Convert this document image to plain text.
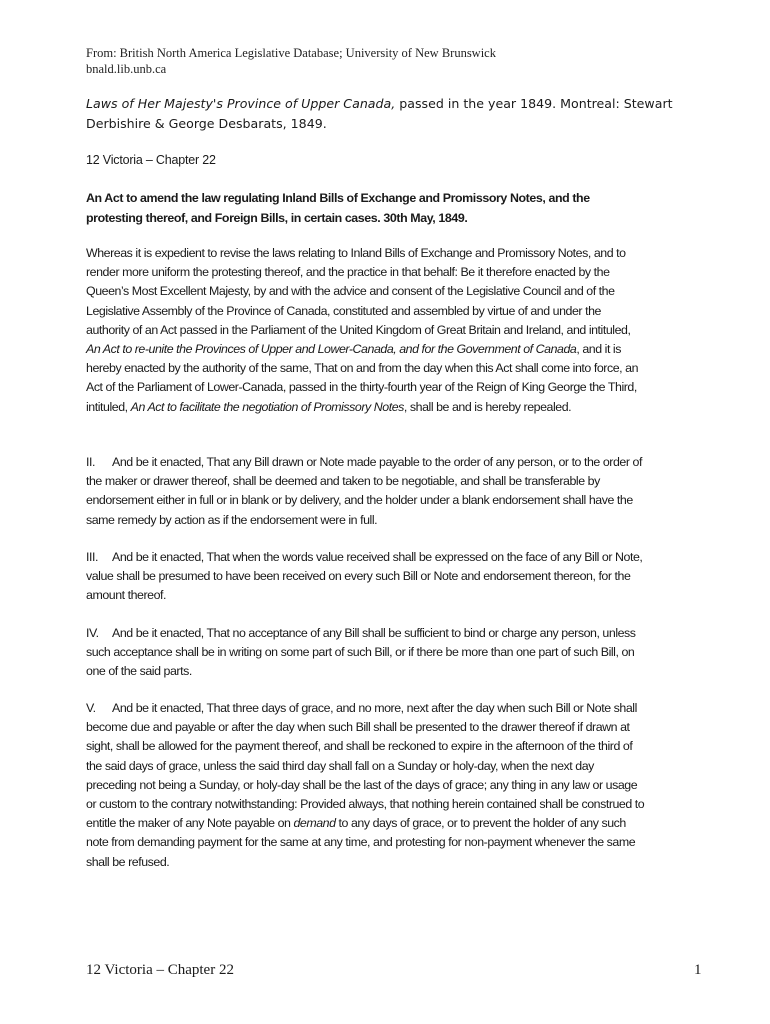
From: British North America Legislative Database; University of New Brunswick
bnald.lib.unb.ca
Laws of Her Majesty's Province of Upper Canada, passed in the year 1849. Montreal: Stewart Derbishire & George Desbarats, 1849.
12 Victoria – Chapter 22
An Act to amend the law regulating Inland Bills of Exchange and Promissory Notes, and the protesting thereof, and Foreign Bills, in certain cases. 30th May, 1849.
Whereas it is expedient to revise the laws relating to Inland Bills of Exchange and Promissory Notes, and to render more uniform the protesting thereof, and the practice in that behalf: Be it therefore enacted by the Queen’s Most Excellent Majesty, by and with the advice and consent of the Legislative Council and of the Legislative Assembly of the Province of Canada, constituted and assembled by virtue of and under the authority of an Act passed in the Parliament of the United Kingdom of Great Britain and Ireland, and intituled, An Act to re-unite the Provinces of Upper and Lower-Canada, and for the Government of Canada, and it is hereby enacted by the authority of the same, That on and from the day when this Act shall come into force, an Act of the Parliament of Lower-Canada, passed in the thirty-fourth year of the Reign of King George the Third, intituled, An Act to facilitate the negotiation of Promissory Notes, shall be and is hereby repealed.
II. And be it enacted, That any Bill drawn or Note made payable to the order of any person, or to the order of the maker or drawer thereof, shall be deemed and taken to be negotiable, and shall be transferable by endorsement either in full or in blank or by delivery, and the holder under a blank endorsement shall have the same remedy by action as if the endorsement were in full.
III. And be it enacted, That when the words value received shall be expressed on the face of any Bill or Note, value shall be presumed to have been received on every such Bill or Note and endorsement thereon, for the amount thereof.
IV. And be it enacted, That no acceptance of any Bill shall be sufficient to bind or charge any person, unless such acceptance shall be in writing on some part of such Bill, or if there be more than one part of such Bill, on one of the said parts.
V. And be it enacted, That three days of grace, and no more, next after the day when such Bill or Note shall become due and payable or after the day when such Bill shall be presented to the drawer thereof if drawn at sight, shall be allowed for the payment thereof, and shall be reckoned to expire in the afternoon of the third of the said days of grace, unless the said third day shall fall on a Sunday or holy-day, when the next day preceding not being a Sunday, or holy-day shall be the last of the days of grace; any thing in any law or usage or custom to the contrary notwithstanding: Provided always, that nothing herein contained shall be construed to entitle the maker of any Note payable on demand to any days of grace, or to prevent the holder of any such note from demanding payment for the same at any time, and protesting for non-payment whenever the same shall be refused.
12 Victoria – Chapter 22	1
